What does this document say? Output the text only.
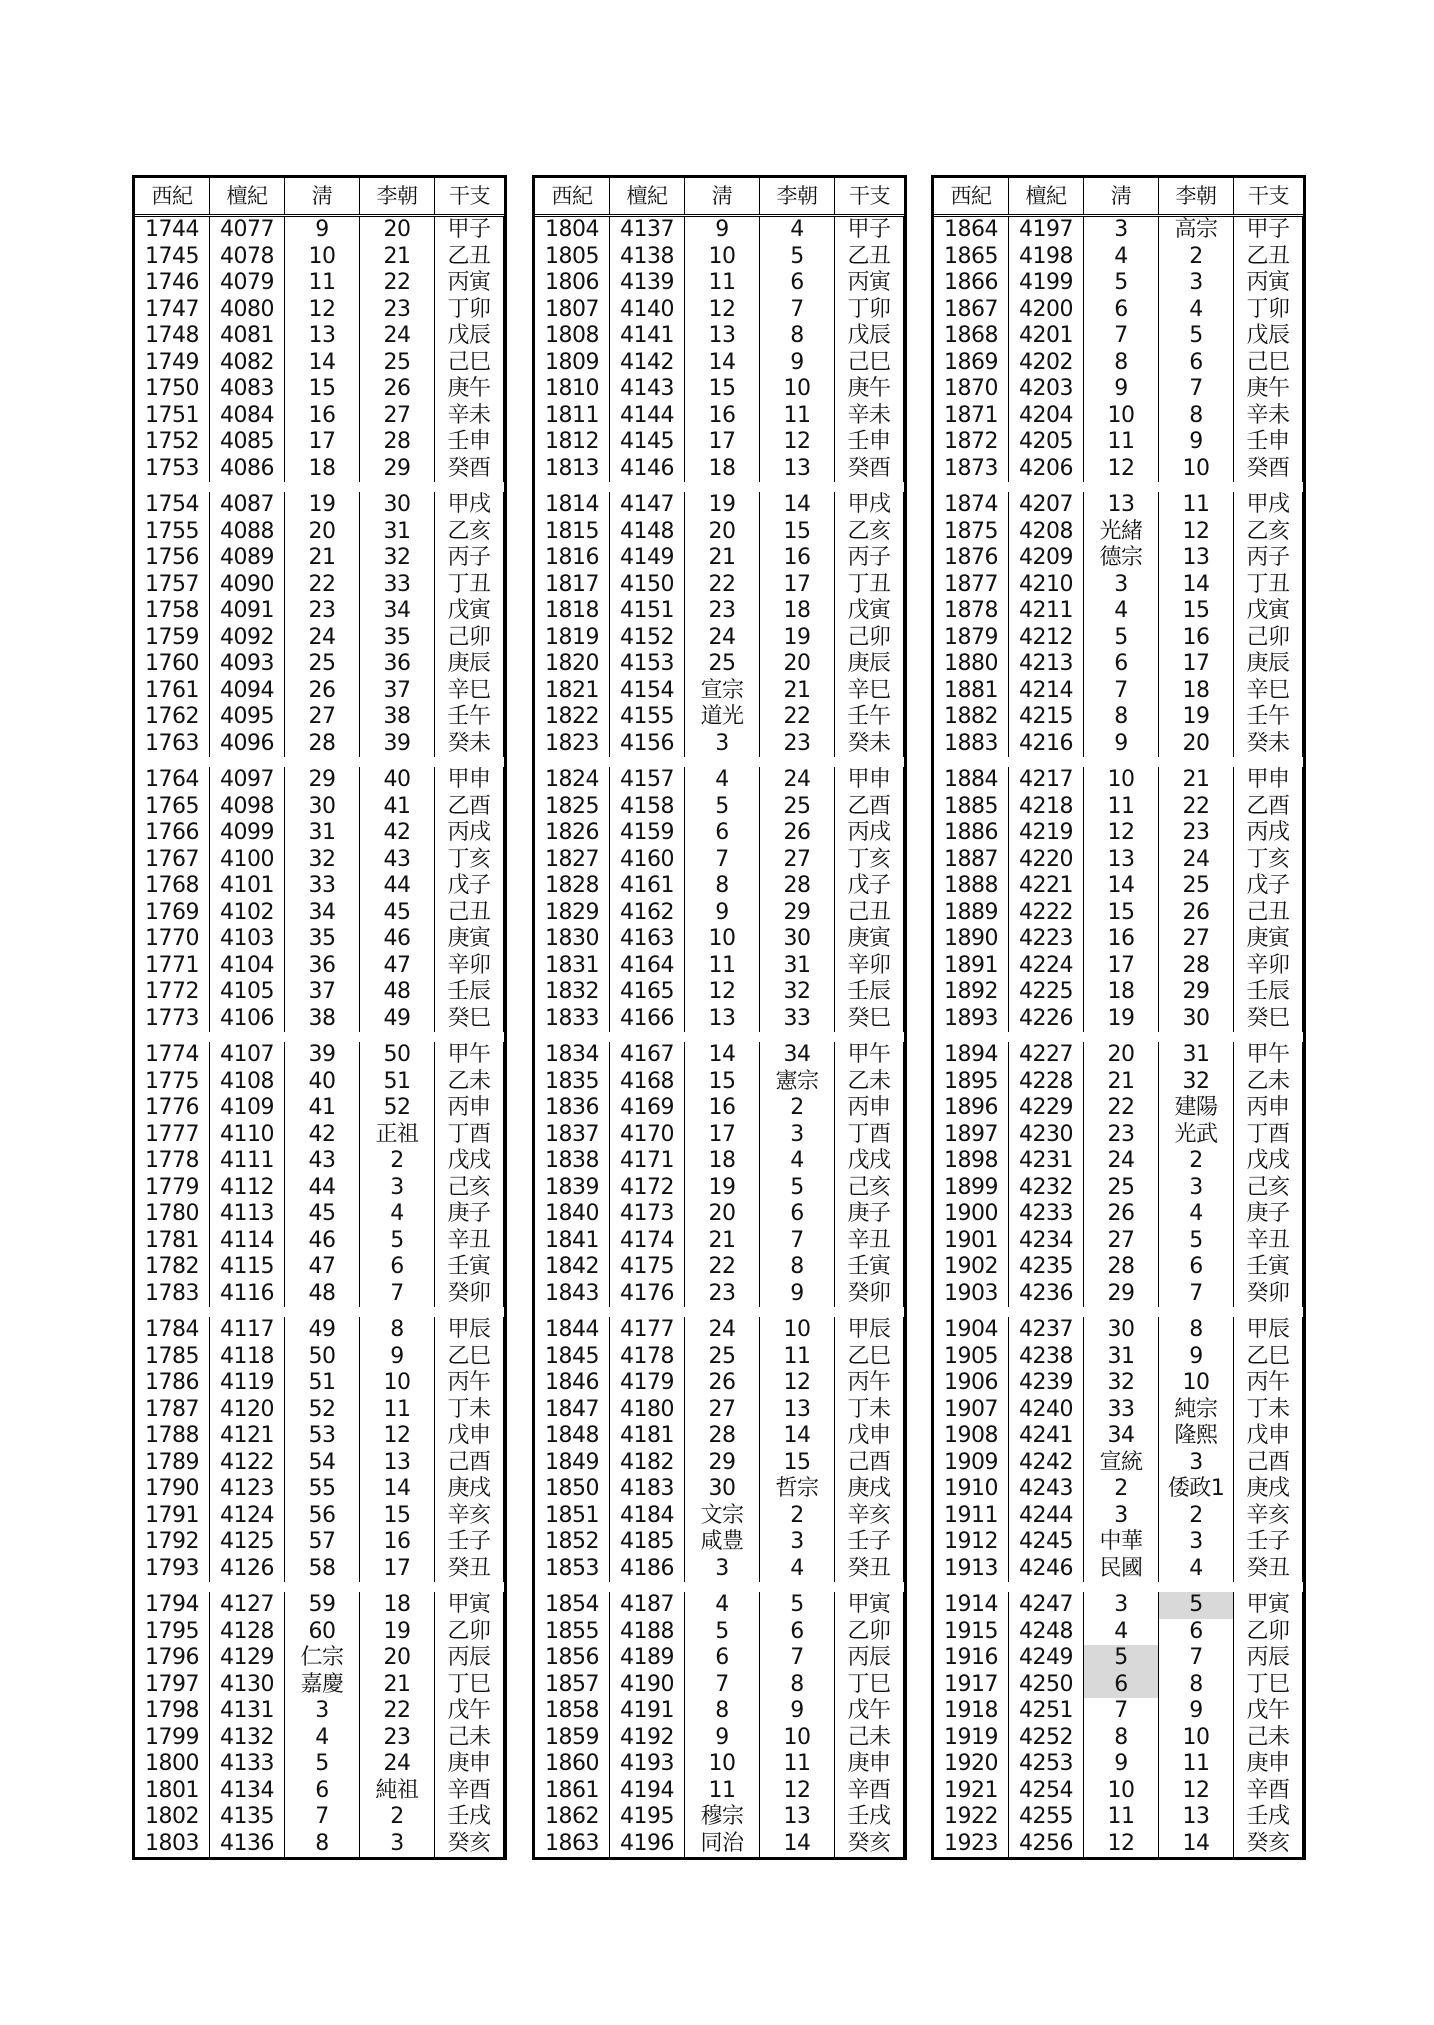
西紀	檀紀	淸	李朝	干支
1744 4077	9	20	甲子
1745 4078	10	21	乙丑
1746 4079	11	22	丙寅
1747 4080	12	23	丁卯
1748 4081	13	24	戊辰
1749 4082	14	25	己巳
1750 4083	15	26	庚午
1751 4084	16	27	辛未
1752 4085	17	28	壬申
1753 4086	18	29	癸酉
1754 4087	19	30	甲戌
1755 4088	20	31	乙亥
1756 4089	21	32	丙子
1757 4090	22	33	丁丑
1758 4091	23	34	戊寅
1759 4092	24	35	己卯
1760 4093	25	36	庚辰
1761 4094	26	37	辛巳
1762 4095	27	38	壬午
1763 4096	28	39	癸未
1764 4097	29	40	甲申
1765 4098	30	41	乙酉
1766 4099	31	42	丙戌
1767 4100	32	43	丁亥
1768 4101	33	44	戊子
1769 4102	34	45	己丑
1770 4103	35	46	庚寅
1771 4104	36	47	辛卯
1772 4105	37	48	壬辰
1773 4106	38	49	癸巳
1774 4107	39	50	甲午
1775 4108	40	51	乙未
1776 4109	41	52	丙申
1777 4110	42	正祖	丁酉
1778 4111	43	2	戊戌
1779 4112	44	3	己亥
1780 4113	45	4	庚子
1781 4114	46	5	辛丑
1782 4115	47	6	壬寅
1783 4116	48	7	癸卯
1784 4117	49	8	甲辰
1785 4118	50	9	乙巳
1786 4119	51	10	丙午
1787 4120	52	11	丁未
1788 4121	53	12	戊申
1789 4122	54	13	己酉
1790 4123	55	14	庚戌
1791 4124	56	15	辛亥
1792 4125	57	16	壬子
1793 4126	58	17	癸丑
1794 4127	59	18	甲寅
1795 4128	60	19	乙卯
1796 4129	仁宗	20	丙辰
1797 4130	嘉慶	21	丁巳
1798 4131	3	22	戊午
1799 4132	4	23	己未
1800 4133	5	24	庚申
1801 4134	6	純祖	辛酉
1802 4135	7	2	壬戌
1803 4136	8	3	癸亥
西紀	檀紀	淸	李朝	干支
1804 4137	9	4	甲子
1805 4138	10	5	乙丑
1806 4139	11	6	丙寅
1807 4140	12	7	丁卯
1808 4141	13	8	戊辰
1809 4142	14	9	己巳
1810 4143	15	10	庚午
1811 4144	16	11	辛未
1812 4145	17	12	壬申
1813 4146	18	13	癸酉
1814 4147	19	14	甲戌
1815 4148	20	15	乙亥
1816 4149	21	16	丙子
1817 4150	22	17	丁丑
1818 4151	23	18	戊寅
1819 4152	24	19	己卯
1820 4153	25	20	庚辰
1821 4154	宣宗	21	辛巳
1822 4155	道光	22	壬午
1823 4156	3	23	癸未
1824 4157	4	24	甲申
1825 4158	5	25	乙酉
1826 4159	6	26	丙戌
1827 4160	7	27	丁亥
1828 4161	8	28	戊子
1829 4162	9	29	己丑
1830 4163	10	30	庚寅
1831 4164	11	31	辛卯
1832 4165	12	32	壬辰
1833 4166	13	33	癸巳
1834 4167	14	34	甲午
1835 4168	15	憲宗	乙未
1836 4169	16	2	丙申
1837 4170	17	3	丁酉
1838 4171	18	4	戊戌
1839 4172	19	5	己亥
1840 4173	20	6	庚子
1841 4174	21	7	辛丑
1842 4175	22	8	壬寅
1843 4176	23	9	癸卯
1844 4177	24	10	甲辰
1845 4178	25	11	乙巳
1846 4179	26	12	丙午
1847 4180	27	13	丁未
1848 4181	28	14	戊申
1849 4182	29	15	己酉
1850 4183	30	哲宗	庚戌
1851 4184	文宗	2	辛亥
1852 4185	咸豊	3	壬子
1853 4186	3	4	癸丑
1854 4187	4	5	甲寅
1855 4188	5	6	乙卯
1856 4189	6	7	丙辰
1857 4190	7	8	丁巳
1858 4191	8	9	戊午
1859 4192	9	10	己未
1860 4193	10	11	庚申
1861 4194	11	12	辛酉
1862 4195	穆宗	13	壬戌
1863 4196	同治	14	癸亥
西紀	檀紀	淸	李朝	干支
1864 4197	3	高宗	甲子
1865 4198	4	2	乙丑
1866 4199	5	3	丙寅
1867 4200	6	4	丁卯
1868 4201	7	5	戊辰
1869 4202	8	6	己巳
1870 4203	9	7	庚午
1871 4204	10	8	辛未
1872 4205	11	9	壬申
1873 4206	12	10	癸酉
1874 4207	13	11	甲戌
1875 4208	光緒	12	乙亥
1876 4209	德宗	13	丙子
1877 4210	3	14	丁丑
1878 4211	4	15	戊寅
1879 4212	5	16	己卯
1880 4213	6	17	庚辰
1881 4214	7	18	辛巳
1882 4215	8	19	壬午
1883 4216	9	20	癸未
1884 4217	10	21	甲申
1885 4218	11	22	乙酉
1886 4219	12	23	丙戌
1887 4220	13	24	丁亥
1888 4221	14	25	戊子
1889 4222	15	26	己丑
1890 4223	16	27	庚寅
1891 4224	17	28	辛卯
1892 4225	18	29	壬辰
1893 4226	19	30	癸巳
1894 4227	20	31	甲午
1895 4228	21	32	乙未
1896 4229	22	建陽	丙申
1897 4230	23	光武	丁酉
1898 4231	24	2	戊戌
1899 4232	25	3	己亥
1900 4233	26	4	庚子
1901 4234	27	5	辛丑
1902 4235	28	6	壬寅
1903 4236	29	7	癸卯
1904 4237	30	8	甲辰
1905 4238	31	9	乙巳
1906 4239	32	10	丙午
1907 4240	33	純宗	丁未
1908 4241	34	隆熙	戊申
1909 4242	宣統	3	己酉
1910 4243	2	倭政1	庚戌
1911 4244	3	2	辛亥
1912 4245	中華	3	壬子
1913 4246	民國	4	癸丑
1914 4247	3	5	甲寅
1915 4248	4	6	乙卯
1916 4249	5	7	丙辰
1917 4250	6	8	丁巳
1918 4251	7	9	戊午
1919 4252	8	10	己未
1920 4253	9	11	庚申
1921 4254	10	12	辛酉
1922 4255	11	13	壬戌
1923 4256	12	14	癸亥
